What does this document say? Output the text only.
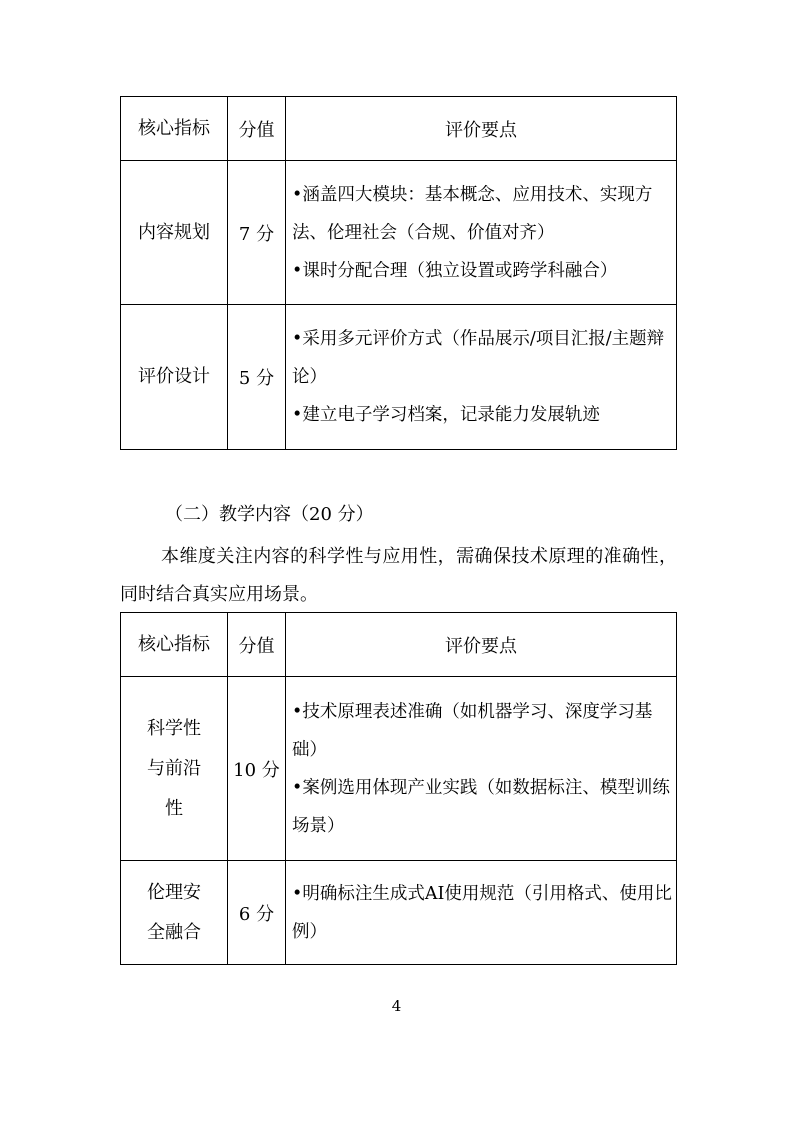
核心指标	分值	评价要点
内容规划	7 分	•涵盖四大模块：基本概念、应用技术、实现方法、伦理社会（合规、价值对齐）
•课时分配合理（独立设置或跨学科融合）

评价设计	5 分	•采用多元评价方式（作品展示/项目汇报/主题辩论）
•建立电子学习档案，记录能力发展轨迹
（二）教学内容（20 分）
本维度关注内容的科学性与应用性，需确保技术原理的准确性，同时结合真实应用场景。
核心指标	分值	评价要点
科学性与前沿性	10 分	•技术原理表述准确（如机器学习、深度学习基础）
•案例选用体现产业实践（如数据标注、模型训练场景）

伦理安全融合	6 分	•明确标注生成式AI使用规范（引用格式、使用比例）
4
